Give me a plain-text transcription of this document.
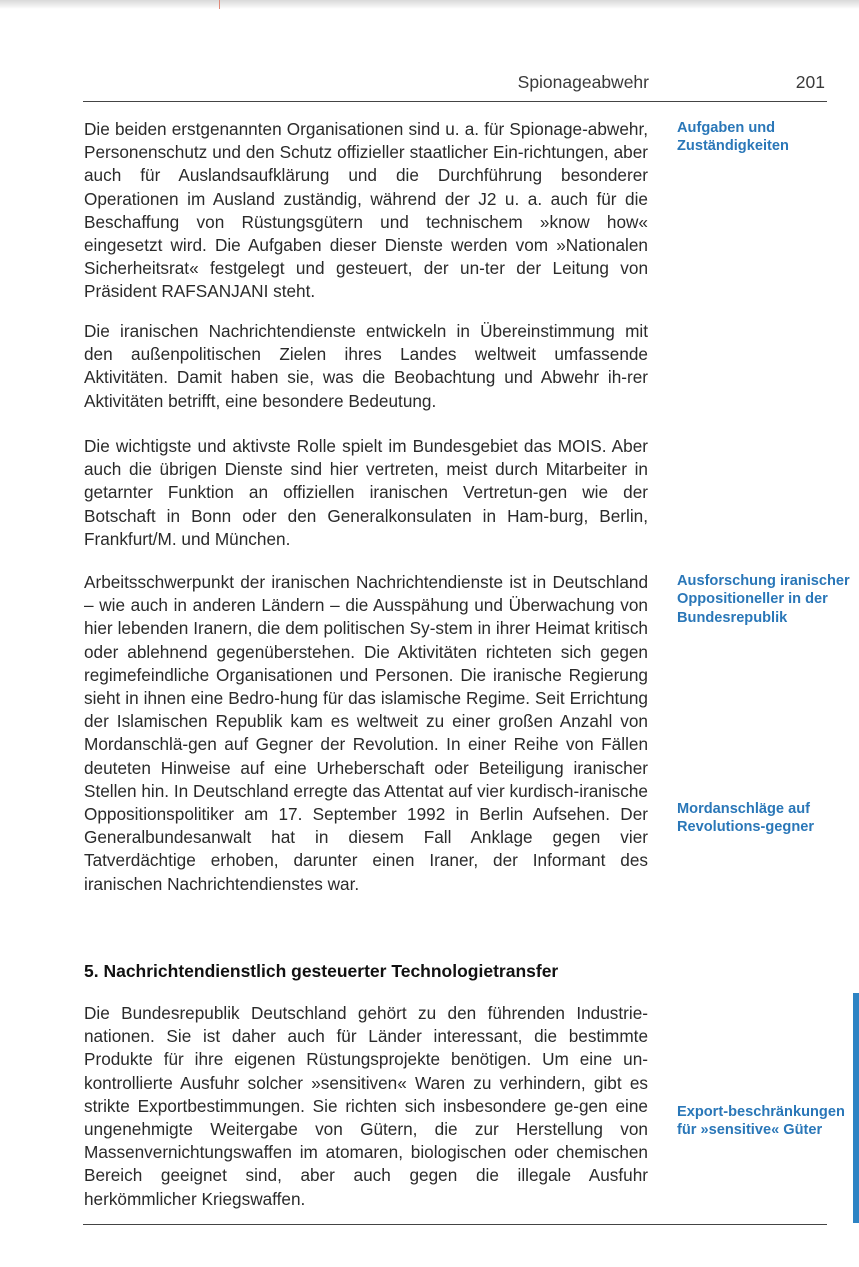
Spionageabwehr	201

Die beiden erstgenannten Organisationen sind u. a. für Spionage-abwehr, Personenschutz und den Schutz offizieller staatlicher Ein-richtungen, aber auch für Auslandsaufklärung und die Durchführung besonderer Operationen im Ausland zuständig, während der J2 u. a. auch für die Beschaffung von Rüstungsgütern und technischem »know how« eingesetzt wird. Die Aufgaben dieser Dienste werden vom »Nationalen Sicherheitsrat« festgelegt und gesteuert, der un-ter der Leitung von Präsident RAFSANJANI steht.

Die iranischen Nachrichtendienste entwickeln in Übereinstimmung mit den außenpolitischen Zielen ihres Landes weltweit umfassende Aktivitäten. Damit haben sie, was die Beobachtung und Abwehr ih-rer Aktivitäten betrifft, eine besondere Bedeutung.

Die wichtigste und aktivste Rolle spielt im Bundesgebiet das MOIS. Aber auch die übrigen Dienste sind hier vertreten, meist durch Mitarbeiter in getarnter Funktion an offiziellen iranischen Vertretun-gen wie der Botschaft in Bonn oder den Generalkonsulaten in Ham-burg, Berlin, Frankfurt/M. und München.

Arbeitsschwerpunkt der iranischen Nachrichtendienste ist in Deutschland – wie auch in anderen Ländern – die Ausspähung und Überwachung von hier lebenden Iranern, die dem politischen Sy-stem in ihrer Heimat kritisch oder ablehnend gegenüberstehen. Die Aktivitäten richteten sich gegen regimefeindliche Organisationen und Personen. Die iranische Regierung sieht in ihnen eine Bedro-hung für das islamische Regime. Seit Errichtung der Islamischen Republik kam es weltweit zu einer großen Anzahl von Mordanschlä-gen auf Gegner der Revolution. In einer Reihe von Fällen deuteten Hinweise auf eine Urheberschaft oder Beteiligung iranischer Stellen hin. In Deutschland erregte das Attentat auf vier kurdisch-iranische Oppositionspolitiker am 17. September 1992 in Berlin Aufsehen. Der Generalbundesanwalt hat in diesem Fall Anklage gegen vier Tatverdächtige erhoben, darunter einen Iraner, der Informant des iranischen Nachrichtendienstes war.

5. Nachrichtendienstlich gesteuerter Technologietransfer

Die Bundesrepublik Deutschland gehört zu den führenden Industrie-nationen. Sie ist daher auch für Länder interessant, die bestimmte Produkte für ihre eigenen Rüstungsprojekte benötigen. Um eine un-kontrollierte Ausfuhr solcher »sensitiven« Waren zu verhindern, gibt es strikte Exportbestimmungen. Sie richten sich insbesondere ge-gen eine ungenehmigte Weitergabe von Gütern, die zur Herstellung von Massenvernichtungswaffen im atomaren, biologischen oder chemischen Bereich geeignet sind, aber auch gegen die illegale Ausfuhr herkömmlicher Kriegswaffen.

Aufgaben und Zuständigkeiten

Ausforschung iranischer Oppositioneller in der Bundesrepublik

Mordanschläge auf Revolutions-gegner

Export-beschränkungen für »sensitive« Güter
